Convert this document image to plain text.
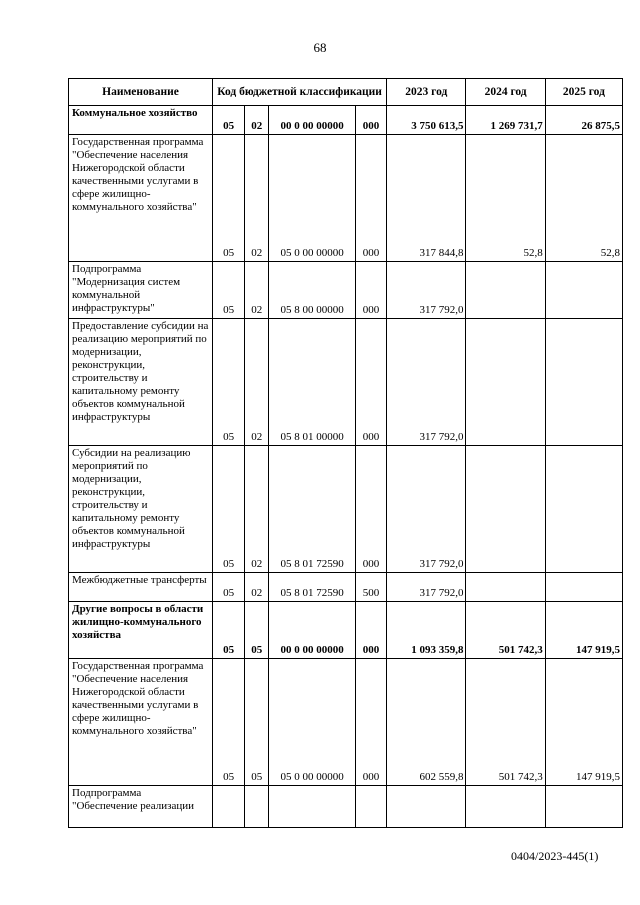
68
Наименование	Код бюджетной классификации				2023 год	2024 год	2025 год
Коммунальное хозяйство	05	02	00 0 00 00000	000	3 750 613,5	1 269 731,7	26 875,5
Государственная программа "Обеспечение населения Нижегородской области качественными услугами в сфере жилищно-коммунального хозяйства"	05	02	05 0 00 00000	000	317 844,8	52,8	52,8
Подпрограмма "Модернизация систем коммунальной инфраструктуры"	05	02	05 8 00 00000	000	317 792,0		
Предоставление субсидии на реализацию мероприятий по модернизации, реконструкции, строительству и капитальному ремонту объектов коммунальной инфраструктуры	05	02	05 8 01 00000	000	317 792,0		
Субсидии на реализацию мероприятий по модернизации, реконструкции, строительству и капитальному ремонту объектов коммунальной инфраструктуры	05	02	05 8 01 72590	000	317 792,0		
Межбюджетные трансферты	05	02	05 8 01 72590	500	317 792,0		
Другие вопросы в области жилищно-коммунального хозяйства	05	05	00 0 00 00000	000	1 093 359,8	501 742,3	147 919,5
Государственная программа "Обеспечение населения Нижегородской области качественными услугами в сфере жилищно-коммунального хозяйства"	05	05	05 0 00 00000	000	602 559,8	501 742,3	147 919,5
Подпрограмма "Обеспечение реализации							
0404/2023-445(1)
